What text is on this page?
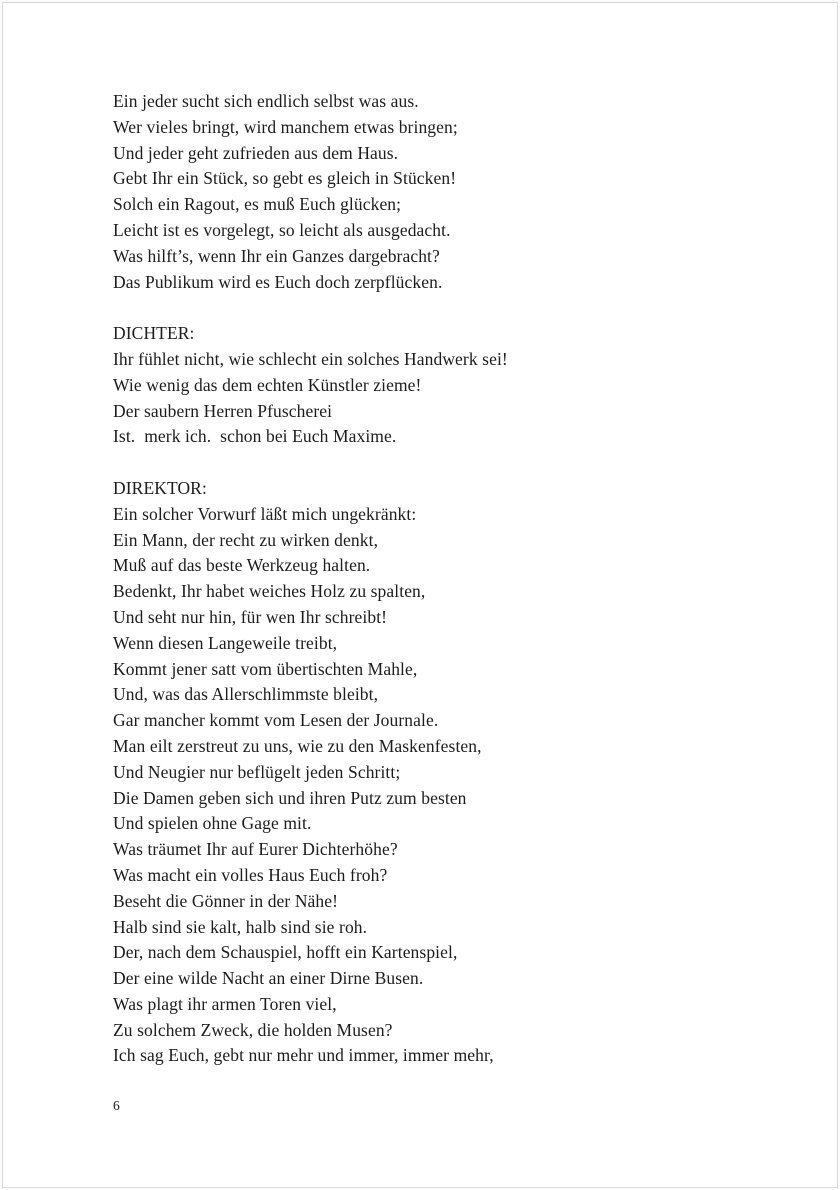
Ein jeder sucht sich endlich selbst was aus.
Wer vieles bringt, wird manchem etwas bringen;
Und jeder geht zufrieden aus dem Haus.
Gebt Ihr ein Stück, so gebt es gleich in Stücken!
Solch ein Ragout, es muß Euch glücken;
Leicht ist es vorgelegt, so leicht als ausgedacht.
Was hilft’s, wenn Ihr ein Ganzes dargebracht?
Das Publikum wird es Euch doch zerpflücken.

DICHTER:
Ihr fühlet nicht, wie schlecht ein solches Handwerk sei!
Wie wenig das dem echten Künstler zieme!
Der saubern Herren Pfuscherei
Ist.  merk ich.  schon bei Euch Maxime.

DIREKTOR:
Ein solcher Vorwurf läßt mich ungekränkt:
Ein Mann, der recht zu wirken denkt,
Muß auf das beste Werkzeug halten.
Bedenkt, Ihr habet weiches Holz zu spalten,
Und seht nur hin, für wen Ihr schreibt!
Wenn diesen Langeweile treibt,
Kommt jener satt vom übertischten Mahle,
Und, was das Allerschlimmste bleibt,
Gar mancher kommt vom Lesen der Journale.
Man eilt zerstreut zu uns, wie zu den Maskenfesten,
Und Neugier nur beflügelt jeden Schritt;
Die Damen geben sich und ihren Putz zum besten
Und spielen ohne Gage mit.
Was träumet Ihr auf Eurer Dichterhöhe?
Was macht ein volles Haus Euch froh?
Beseht die Gönner in der Nähe!
Halb sind sie kalt, halb sind sie roh.
Der, nach dem Schauspiel, hofft ein Kartenspiel,
Der eine wilde Nacht an einer Dirne Busen.
Was plagt ihr armen Toren viel,
Zu solchem Zweck, die holden Musen?
Ich sag Euch, gebt nur mehr und immer, immer mehr,
6
